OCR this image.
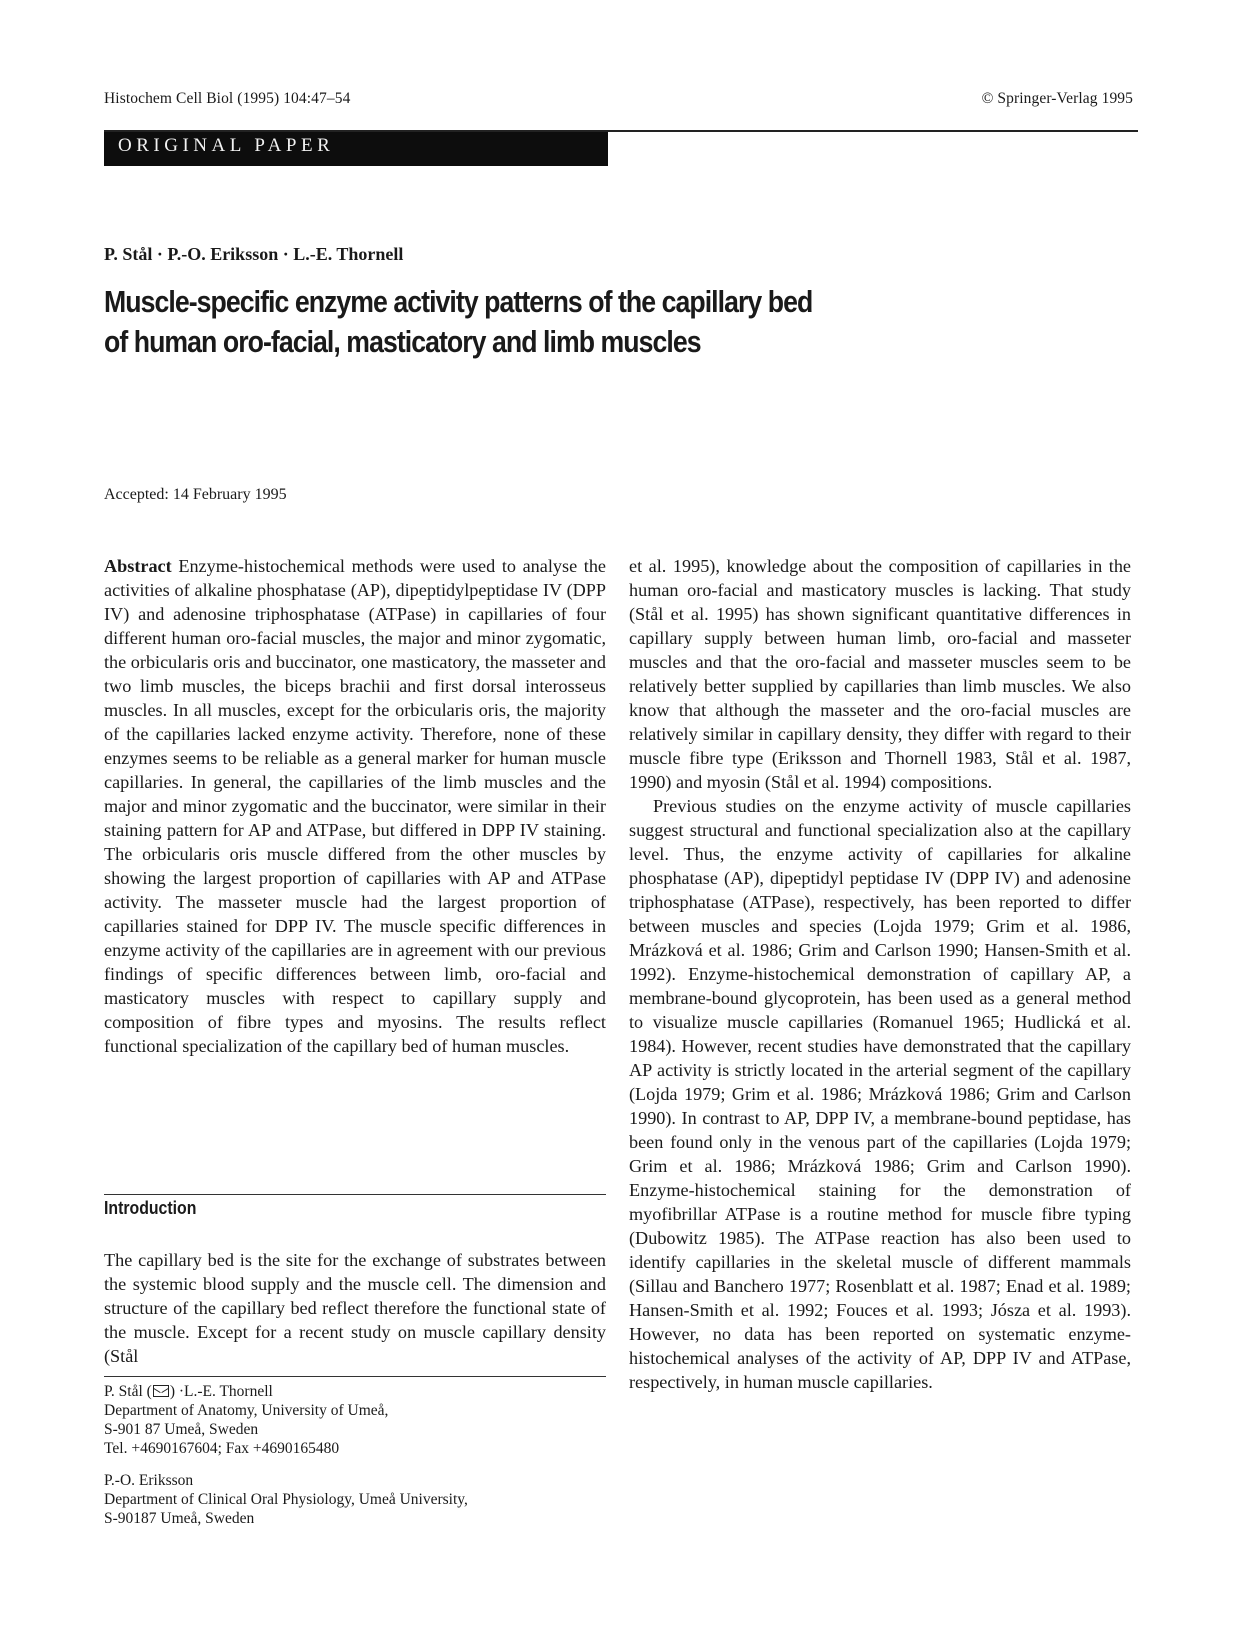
Histochem Cell Biol (1995) 104:47–54	© Springer-Verlag 1995
ORIGINAL PAPER
P. Stål · P.-O. Eriksson · L.-E. Thornell
Muscle-specific enzyme activity patterns of the capillary bed
of human oro-facial, masticatory and limb muscles
Accepted: 14 February 1995

Abstract Enzyme-histochemical methods were used to analyse the activities of alkaline phosphatase (AP), dipeptidylpeptidase IV (DPP IV) and adenosine triphosphatase (ATPase) in capillaries of four different human oro-facial muscles, the major and minor zygomatic, the orbicularis oris and buccinator, one masticatory, the masseter and two limb muscles, the biceps brachii and first dorsal interosseus muscles. In all muscles, except for the orbicularis oris, the majority of the capillaries lacked enzyme activity. Therefore, none of these enzymes seems to be reliable as a general marker for human muscle capillaries. In general, the capillaries of the limb muscles and the major and minor zygomatic and the buccinator, were similar in their staining pattern for AP and ATPase, but differed in DPP IV staining. The orbicularis oris muscle differed from the other muscles by showing the largest proportion of capillaries with AP and ATPase activity. The masseter muscle had the largest proportion of capillaries stained for DPP IV. The muscle specific differences in enzyme activity of the capillaries are in agreement with our previous findings of specific differences between limb, oro-facial and masticatory muscles with respect to capillary supply and composition of fibre types and myosins. The results reflect functional specialization of the capillary bed of human muscles.

Introduction

The capillary bed is the site for the exchange of substrates between the systemic blood supply and the muscle cell. The dimension and structure of the capillary bed reflect therefore the functional state of the muscle. Except for a recent study on muscle capillary density (Stål

P. Stål ( ) ·L.-E. Thornell
Department of Anatomy, University of Umeå,
S-901 87 Umeå, Sweden
Tel. +4690167604; Fax +4690165480
P.-O. Eriksson
Department of Clinical Oral Physiology, Umeå University,
S-90187 Umeå, Sweden

et al. 1995), knowledge about the composition of capillaries in the human oro-facial and masticatory muscles is lacking. That study (Stål et al. 1995) has shown significant quantitative differences in capillary supply between human limb, oro-facial and masseter muscles and that the oro-facial and masseter muscles seem to be relatively better supplied by capillaries than limb muscles. We also know that although the masseter and the oro-facial muscles are relatively similar in capillary density, they differ with regard to their muscle fibre type (Eriksson and Thornell 1983, Stål et al. 1987, 1990) and myosin (Stål et al. 1994) compositions.

Previous studies on the enzyme activity of muscle capillaries suggest structural and functional specialization also at the capillary level. Thus, the enzyme activity of capillaries for alkaline phosphatase (AP), dipeptidyl peptidase IV (DPP IV) and adenosine triphosphatase (ATPase), respectively, has been reported to differ between muscles and species (Lojda 1979; Grim et al. 1986, Mrázková et al. 1986; Grim and Carlson 1990; Hansen-Smith et al. 1992). Enzyme-histochemical demonstration of capillary AP, a membrane-bound glycoprotein, has been used as a general method to visualize muscle capillaries (Romanuel 1965; Hudlická et al. 1984). However, recent studies have demonstrated that the capillary AP activity is strictly located in the arterial segment of the capillary (Lojda 1979; Grim et al. 1986; Mrázková 1986; Grim and Carlson 1990). In contrast to AP, DPP IV, a membrane-bound peptidase, has been found only in the venous part of the capillaries (Lojda 1979; Grim et al. 1986; Mrázková 1986; Grim and Carlson 1990). Enzyme-histochemical staining for the demonstration of myofibrillar ATPase is a routine method for muscle fibre typing (Dubowitz 1985). The ATPase reaction has also been used to identify capillaries in the skeletal muscle of different mammals (Sillau and Banchero 1977; Rosenblatt et al. 1987; Enad et al. 1989; Hansen-Smith et al. 1992; Fouces et al. 1993; Jósza et al. 1993). However, no data has been reported on systematic enzyme-histochemical analyses of the activity of AP, DPP IV and ATPase, respectively, in human muscle capillaries.
